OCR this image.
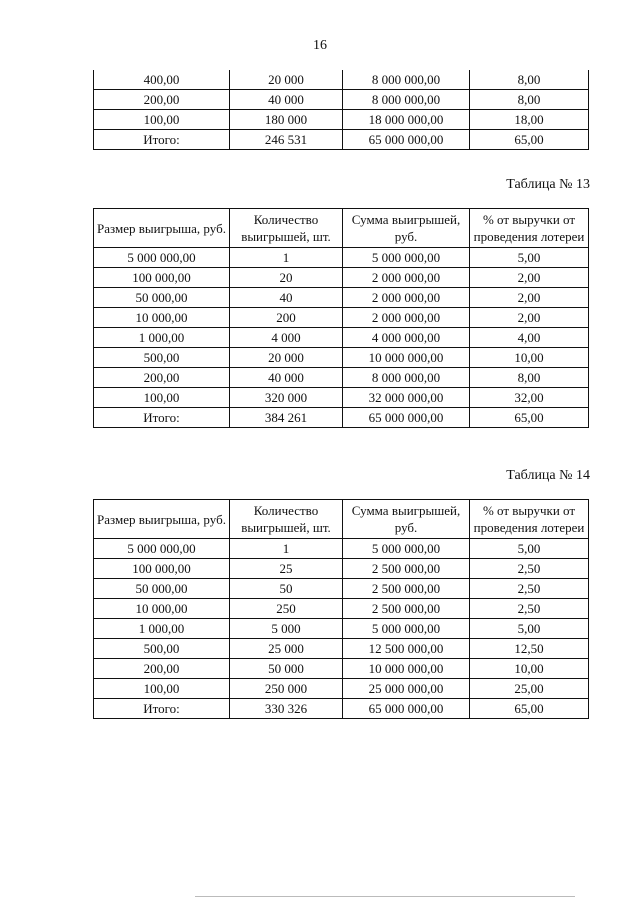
16
400,00	20 000	8 000 000,00	8,00
200,00	40 000	8 000 000,00	8,00
100,00	180 000	18 000 000,00	18,00
Итого:	246 531	65 000 000,00	65,00
Таблица № 13
Размер выигрыша, руб.	Количество выигрышей, шт.	Сумма выигрышей, руб.	% от выручки от проведения лотереи
5 000 000,00	1	5 000 000,00	5,00
100 000,00	20	2 000 000,00	2,00
50 000,00	40	2 000 000,00	2,00
10 000,00	200	2 000 000,00	2,00
1 000,00	4 000	4 000 000,00	4,00
500,00	20 000	10 000 000,00	10,00
200,00	40 000	8 000 000,00	8,00
100,00	320 000	32 000 000,00	32,00
Итого:	384 261	65 000 000,00	65,00
Таблица № 14
Размер выигрыша, руб.	Количество выигрышей, шт.	Сумма выигрышей, руб.	% от выручки от проведения лотереи
5 000 000,00	1	5 000 000,00	5,00
100 000,00	25	2 500 000,00	2,50
50 000,00	50	2 500 000,00	2,50
10 000,00	250	2 500 000,00	2,50
1 000,00	5 000	5 000 000,00	5,00
500,00	25 000	12 500 000,00	12,50
200,00	50 000	10 000 000,00	10,00
100,00	250 000	25 000 000,00	25,00
Итого:	330 326	65 000 000,00	65,00
